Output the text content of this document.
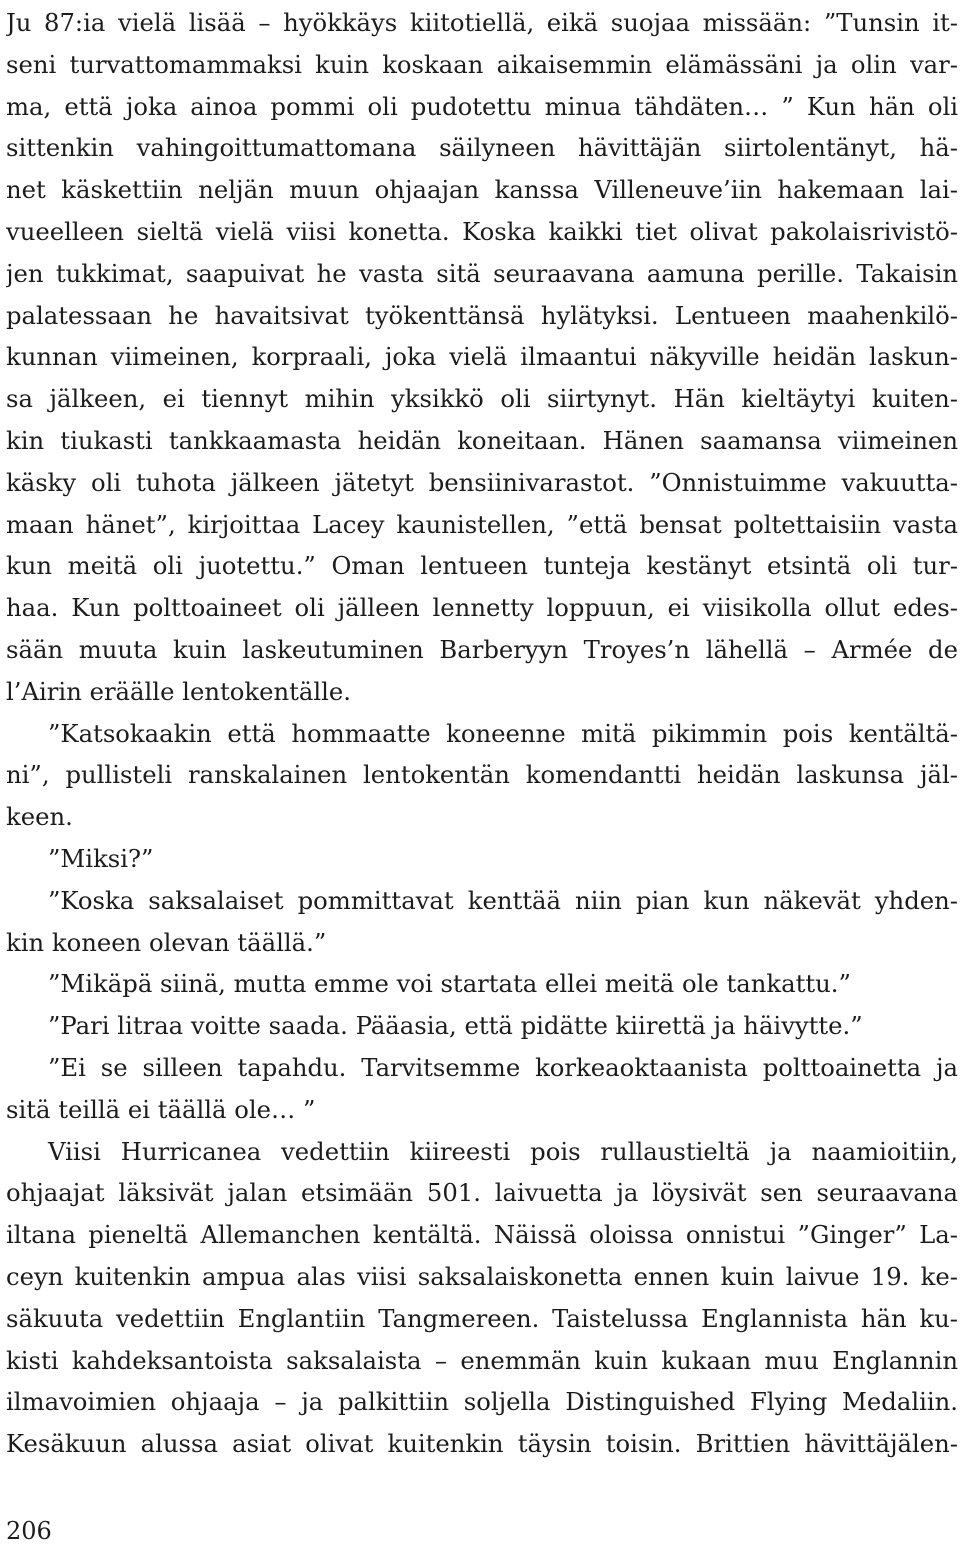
Ju 87:ia vielä lisää – hyökkäys kiitotiellä, eikä suojaa missään: ”Tunsin it-
seni turvattomammaksi kuin koskaan aikaisemmin elämässäni ja olin var-
ma, että joka ainoa pommi oli pudotettu minua tähdäten… ” Kun hän oli
sittenkin vahingoittumattomana säilyneen hävittäjän siirtolentänyt, hä-
net käskettiin neljän muun ohjaajan kanssa Villeneuve’iin hakemaan lai-
vueelleen sieltä vielä viisi konetta. Koska kaikki tiet olivat pakolaisrivistö-
jen tukkimat, saapuivat he vasta sitä seuraavana aamuna perille. Takaisin
palatessaan he havaitsivat työkenttänsä hylätyksi. Lentueen maahenkilö-
kunnan viimeinen, korpraali, joka vielä ilmaantui näkyville heidän laskun-
sa jälkeen, ei tiennyt mihin yksikkö oli siirtynyt. Hän kieltäytyi kuiten-
kin tiukasti tankkaamasta heidän koneitaan. Hänen saamansa viimeinen
käsky oli tuhota jälkeen jätetyt bensiinivarastot. ”Onnistuimme vakuutta-
maan hänet”, kirjoittaa Lacey kaunistellen, ”että bensat poltettaisiin vasta
kun meitä oli juotettu.” Oman lentueen tunteja kestänyt etsintä oli tur-
haa. Kun polttoaineet oli jälleen lennetty loppuun, ei viisikolla ollut edes-
sään muuta kuin laskeutuminen Barberyyn Troyes’n lähellä – Armée de
l’Airin eräälle lentokentälle.
”Katsokaakin että hommaatte koneenne mitä pikimmin pois kentältä-
ni”, pullisteli ranskalainen lentokentän komendantti heidän laskunsa jäl-
keen.
”Miksi?”
”Koska saksalaiset pommittavat kenttää niin pian kun näkevät yhden-
kin koneen olevan täällä.”
”Mikäpä siinä, mutta emme voi startata ellei meitä ole tankattu.”
”Pari litraa voitte saada. Pääasia, että pidätte kiirettä ja häivytte.”
”Ei se silleen tapahdu. Tarvitsemme korkeaoktaanista polttoainetta ja
sitä teillä ei täällä ole… ”
Viisi Hurricanea vedettiin kiireesti pois rullaustieltä ja naamioitiin,
ohjaajat läksivät jalan etsimään 501. laivuetta ja löysivät sen seuraavana
iltana pieneltä Allemanchen kentältä. Näissä oloissa onnistui ”Ginger” La-
ceyn kuitenkin ampua alas viisi saksalaiskonetta ennen kuin laivue 19. ke-
säkuuta vedettiin Englantiin Tangmereen. Taistelussa Englannista hän ku-
kisti kahdeksantoista saksalaista – enemmän kuin kukaan muu Englannin
ilmavoimien ohjaaja – ja palkittiin soljella Distinguished Flying Medaliin.
Kesäkuun alussa asiat olivat kuitenkin täysin toisin. Brittien hävittäjälen-
206
